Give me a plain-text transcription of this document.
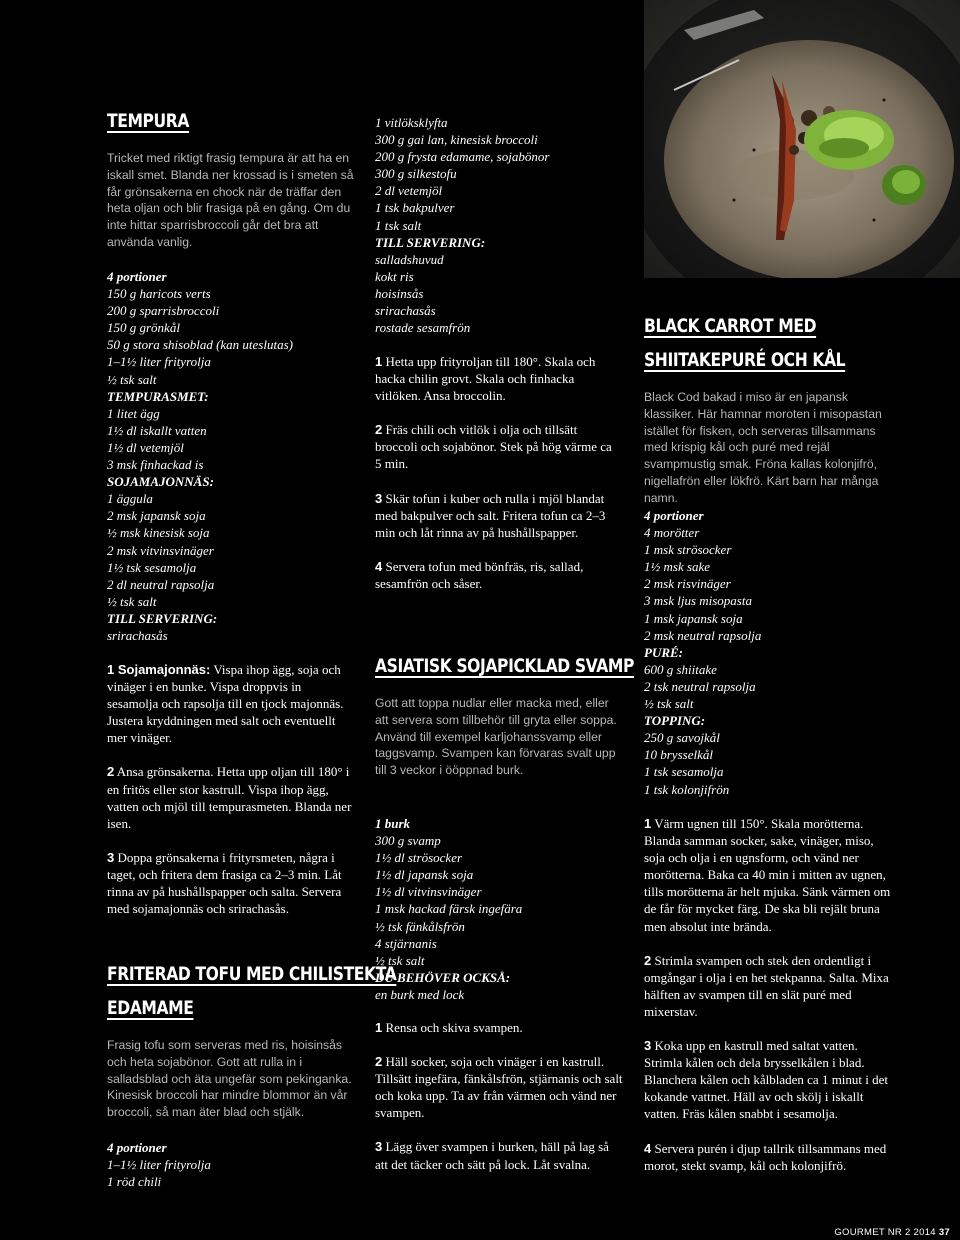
TEMPURA

Tricket med riktigt frasig tempura är att ha en iskall smet. Blanda ner krossad is i smeten så får grönsakerna en chock när de träffar den heta oljan och blir frasiga på en gång. Om du inte hittar sparrisbroccoli går det bra att använda vanlig.

4 portioner
150 g haricots verts
200 g sparrisbroccoli
150 g grönkål
50 g stora shisoblad (kan uteslutas)
1–1½ liter frityrolja
½ tsk salt
TEMPURASMET:
1 litet ägg
1½ dl iskallt vatten
1½ dl vetemjöl
3 msk finhackad is
SOJAMAJONNÄS:
1 äggula
2 msk japansk soja
½ msk kinesisk soja
2 msk vitvinsvinäger
1½ tsk sesamolja
2 dl neutral rapsolja
½ tsk salt
TILL SERVERING:
srirachasås

1 Sojamajonnäs: Vispa ihop ägg, soja och vinäger i en bunke. Vispa droppvis in sesamolja och rapsolja till en tjock majonnäs. Justera kryddningen med salt och eventuellt mer vinäger.

2 Ansa grönsakerna. Hetta upp oljan till 180° i en fritös eller stor kastrull. Vispa ihop ägg, vatten och mjöl till tempurasmeten. Blanda ner isen.

3 Doppa grönsakerna i frityrsmeten, några i taget, och fritera dem frasiga ca 2–3 min. Låt rinna av på hushållspapper och salta. Servera med sojamajonnäs och srirachasås.

FRITERAD TOFU MED CHILISTEKTA

EDAMAME

Frasig tofu som serveras med ris, hoisinsås och heta sojabönor. Gott att rulla in i salladsblad och äta ungefär som pekinganka. Kinesisk broccoli har mindre blommor än vår broccoli, så man äter blad och stjälk.

4 portioner
1–1½ liter frityrolja
1 röd chili
1 vitlöksklyfta
300 g gai lan, kinesisk broccoli
200 g frysta edamame, sojabönor
300 g silkestofu
2 dl vetemjöl
1 tsk bakpulver
1 tsk salt
TILL SERVERING:
salladshuvud
kokt ris
hoisinsås
srirachasås
rostade sesamfrön

1 Hetta upp frityroljan till 180°. Skala och hacka chilin grovt. Skala och finhacka vitlöken. Ansa broccolin.

2 Fräs chili och vitlök i olja och tillsätt broccoli och sojabönor. Stek på hög värme ca 5 min.

3 Skär tofun i kuber och rulla i mjöl blandat med bakpulver och salt. Fritera tofun ca 2–3 min och låt rinna av på hushållspapper.

4 Servera tofun med bönfräs, ris, sallad, sesamfrön och såser.

ASIATISK SOJAPICKLAD SVAMP

Gott att toppa nudlar eller macka med, eller att servera som tillbehör till gryta eller soppa. Använd till exempel karljohanssvamp eller taggsvamp. Svampen kan förvaras svalt upp till 3 veckor i ööppnad burk.

1 burk
300 g svamp
1½ dl strösocker
1½ dl japansk soja
1½ dl vitvinsvinäger
1 msk hackad färsk ingefära
½ tsk fänkålsfrön
4 stjärnanis
½ tsk salt
DU BEHÖVER OCKSÅ:
en burk med lock

1 Rensa och skiva svampen.

2 Häll socker, soja och vinäger i en kastrull. Tillsätt ingefära, fänkålsfrön, stjärnanis och salt och koka upp. Ta av från värmen och vänd ner svampen.

3 Lägg över svampen i burken, häll på lag så att det täcker och sätt på lock. Låt svalna.

BLACK CARROT MED

SHIITAKEPURÉ OCH KÅL

Black Cod bakad i miso är en japansk klassiker. Här hamnar moroten i misopastan istället för fisken, och serveras tillsammans med krispig kål och puré med rejäl svampmustig smak. Fröna kallas kolonjifrö, nigellafrön eller lökfrö. Kärt barn har många namn.

4 portioner
4 morötter
1 msk strösocker
1½ msk sake
2 msk risvinäger
3 msk ljus misopasta
1 msk japansk soja
2 msk neutral rapsolja
PURÉ:
600 g shiitake
2 tsk neutral rapsolja
½ tsk salt
TOPPING:
250 g savojkål
10 brysselkål
1 tsk sesamolja
1 tsk kolonjifrön

1 Värm ugnen till 150°. Skala morötterna. Blanda samman socker, sake, vinäger, miso, soja och olja i en ugnsform, och vänd ner morötterna. Baka ca 40 min i mitten av ugnen, tills morötterna är helt mjuka. Sänk värmen om de får för mycket färg. De ska bli rejält bruna men absolut inte brända.

2 Strimla svampen och stek den ordentligt i omgångar i olja i en het stekpanna. Salta. Mixa hälften av svampen till en slät puré med mixerstav.

3 Koka upp en kastrull med saltat vatten. Strimla kålen och dela brysselkålen i blad. Blanchera kålen och kålbladen ca 1 minut i det kokande vattnet. Häll av och skölj i iskallt vatten. Fräs kålen snabbt i sesamolja.

4 Servera purén i djup tallrik tillsammans med morot, stekt svamp, kål och kolonjifrö.

GOURMET NR 2 2014 37
